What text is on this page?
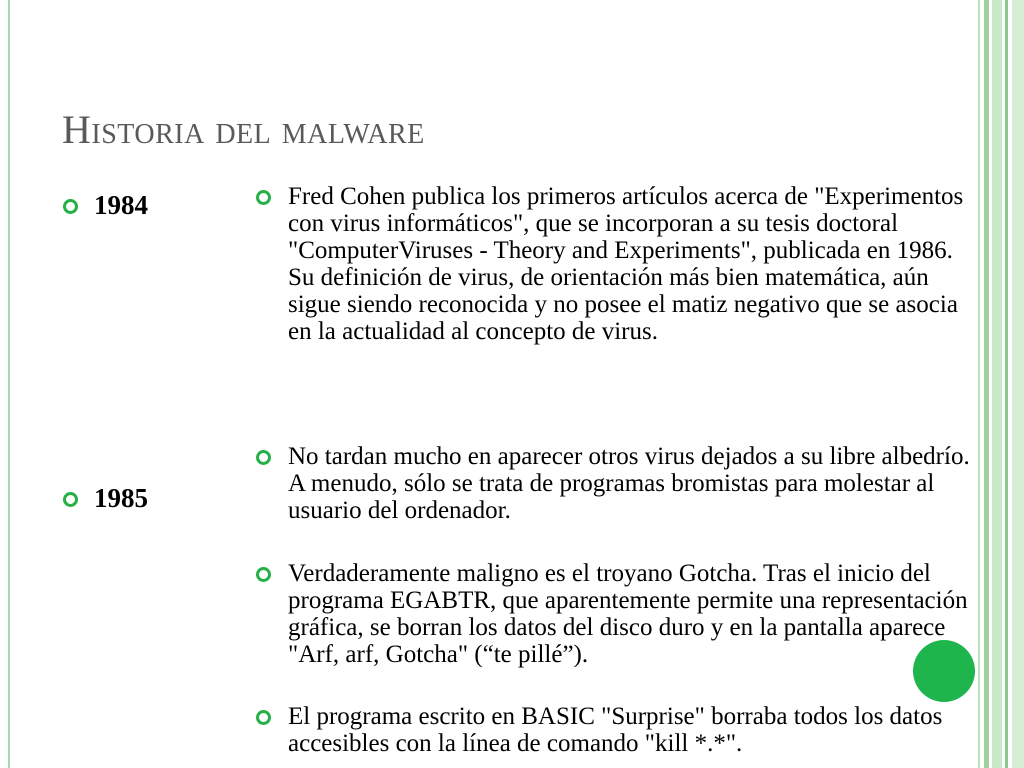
Historia del malware
1984
1985
Fred Cohen publica los primeros artículos acerca de "Experimentos con virus informáticos", que se incorporan a su tesis doctoral "ComputerViruses - Theory and Experiments", publicada en 1986. Su definición de virus, de orientación más bien matemática, aún sigue siendo reconocida y no posee el matiz negativo que se asocia en la actualidad al concepto de virus.
No tardan mucho en aparecer otros virus dejados a su libre albedrío. A menudo, sólo se trata de programas bromistas para molestar al usuario del ordenador.
Verdaderamente maligno es el troyano Gotcha. Tras el inicio del programa EGABTR, que aparentemente permite una representación gráfica, se borran los datos del disco duro y en la pantalla aparece "Arf, arf, Gotcha" (“te pillé”).
El programa escrito en BASIC "Surprise" borraba todos los datos accesibles con la línea de comando "kill *.*".
